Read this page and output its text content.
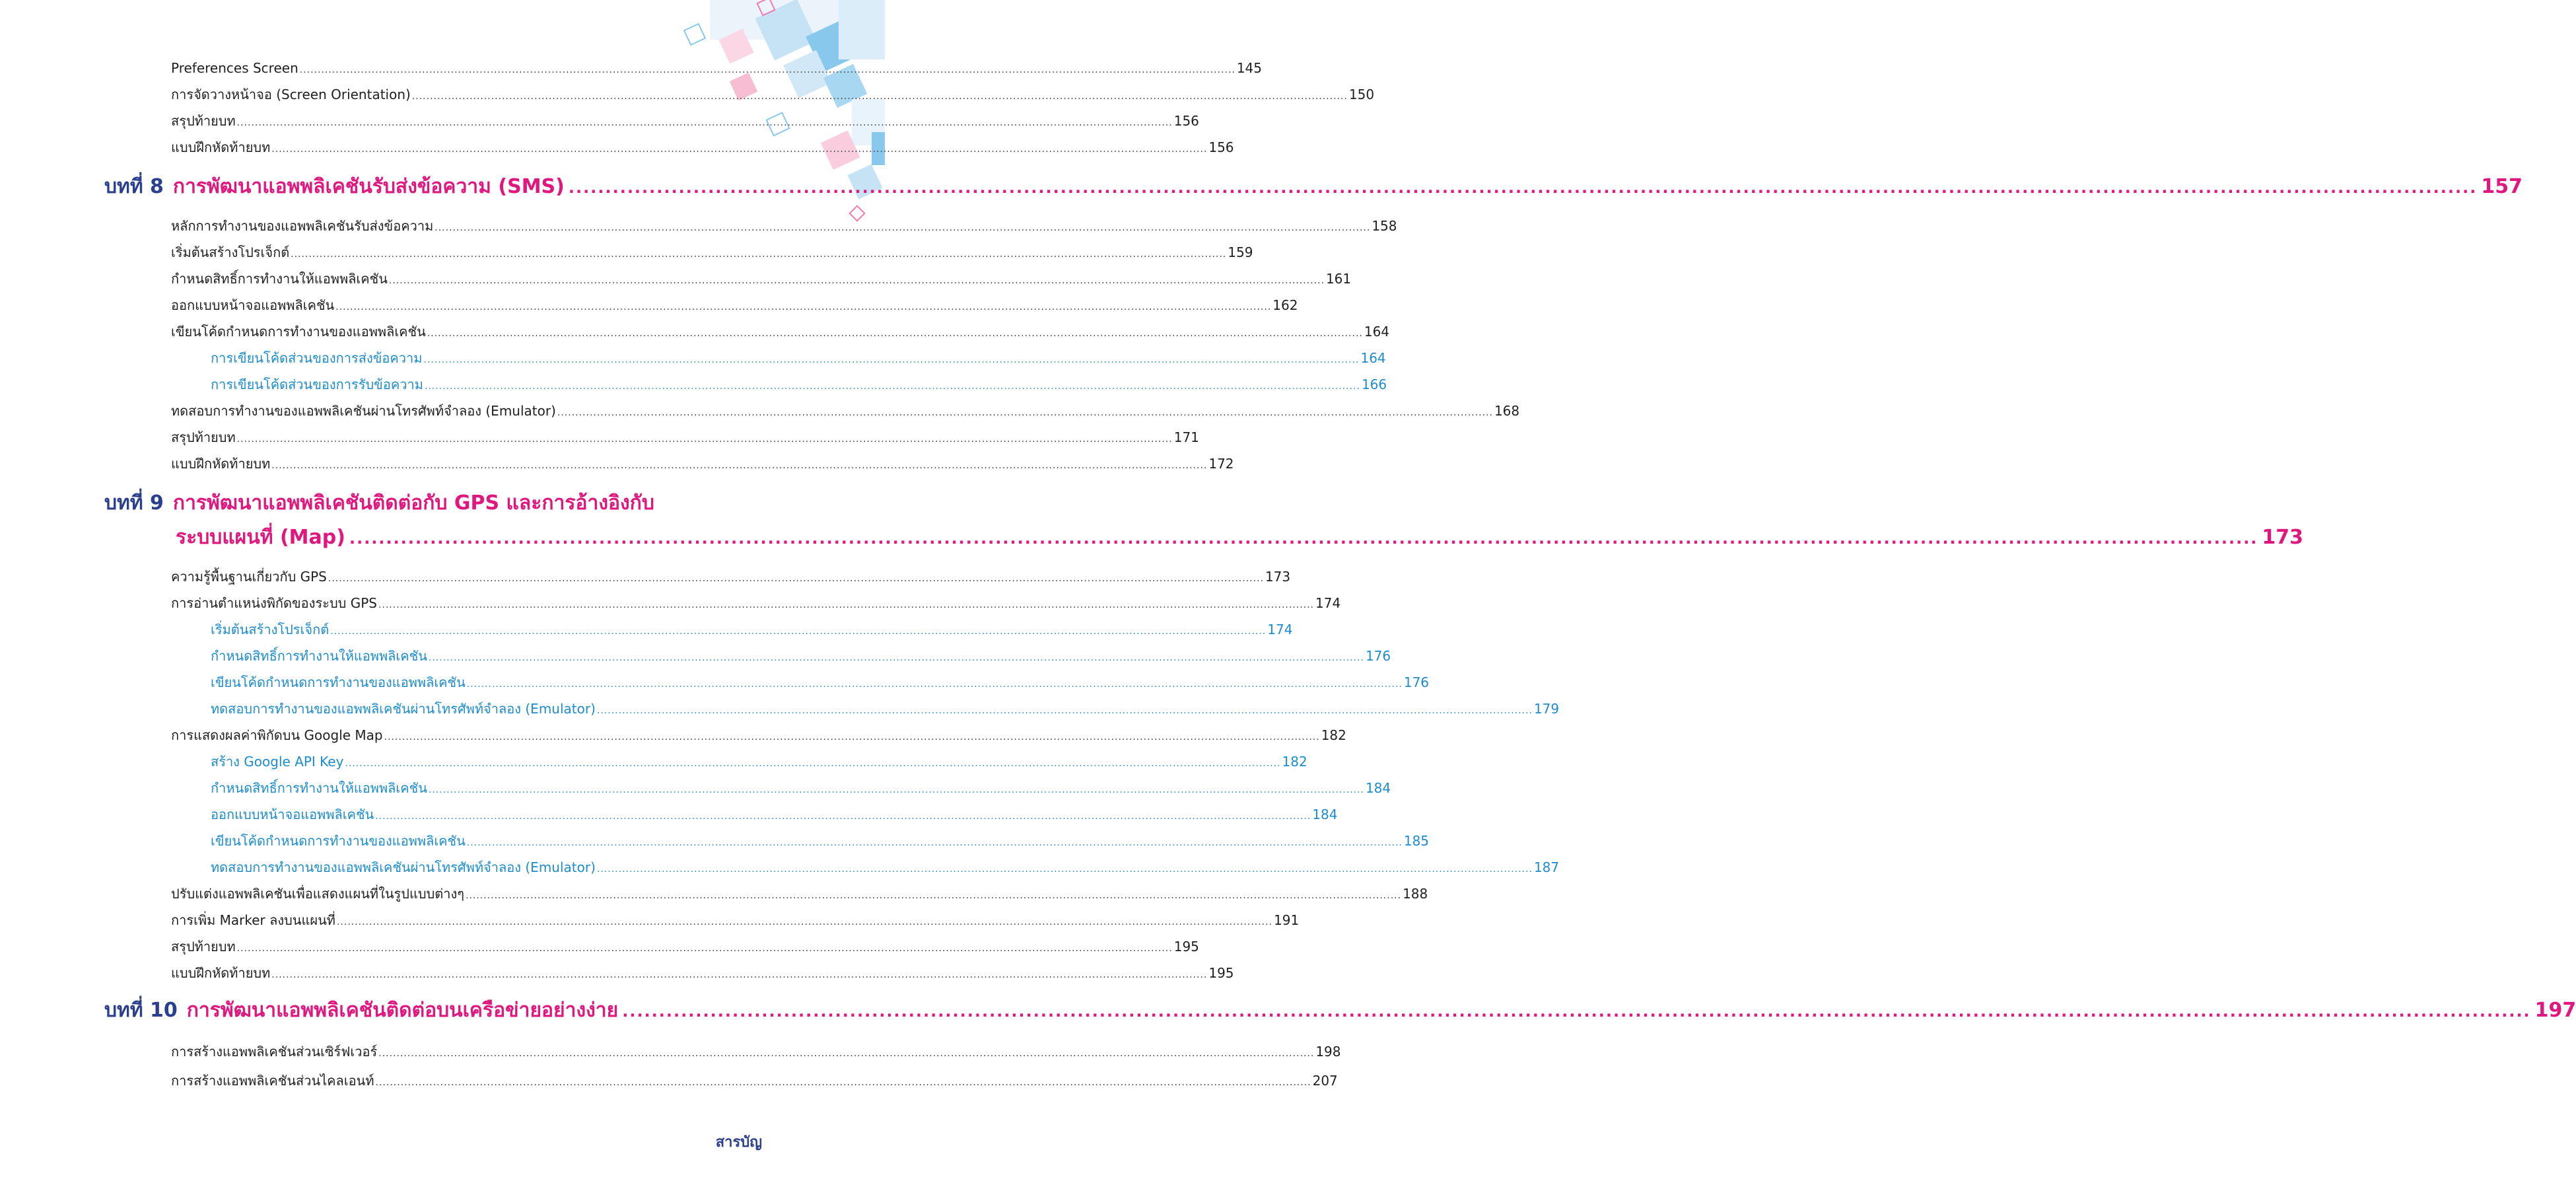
Preferences Screen .................................................................................................................................................................................................................................................................... 145
การจัดวางหน้าจอ (Screen Orientation) .................................................................................................................................................................................................................................................................... 150
สรุปท้ายบท .................................................................................................................................................................................................................................................................... 156
แบบฝึกหัดท้ายบท .................................................................................................................................................................................................................................................................... 156
บทที่ 8 การพัฒนาแอพพลิเคชันรับส่งข้อความ (SMS) .................................................................................................................................................................................................................................................................... 157
หลักการทำงานของแอพพลิเคชันรับส่งข้อความ .................................................................................................................................................................................................................................................................... 158
เริ่มต้นสร้างโปรเจ็กต์ .................................................................................................................................................................................................................................................................... 159
กำหนดสิทธิ์การทำงานให้แอพพลิเคชัน .................................................................................................................................................................................................................................................................... 161
ออกแบบหน้าจอแอพพลิเคชัน .................................................................................................................................................................................................................................................................... 162
เขียนโค้ดกำหนดการทำงานของแอพพลิเคชัน .................................................................................................................................................................................................................................................................... 164
การเขียนโค้ดส่วนของการส่งข้อความ .................................................................................................................................................................................................................................................................... 164
การเขียนโค้ดส่วนของการรับข้อความ .................................................................................................................................................................................................................................................................... 166
ทดสอบการทำงานของแอพพลิเคชันผ่านโทรศัพท์จำลอง (Emulator) .................................................................................................................................................................................................................................................................... 168
สรุปท้ายบท .................................................................................................................................................................................................................................................................... 171
แบบฝึกหัดท้ายบท .................................................................................................................................................................................................................................................................... 172
บทที่ 9 การพัฒนาแอพพลิเคชันติดต่อกับ GPS และการอ้างอิงกับ
ระบบแผนที่ (Map) .................................................................................................................................................................................................................................................................... 173
ความรู้พื้นฐานเกี่ยวกับ GPS .................................................................................................................................................................................................................................................................... 173
การอ่านตำแหน่งพิกัดของระบบ GPS .................................................................................................................................................................................................................................................................... 174
เริ่มต้นสร้างโปรเจ็กต์ .................................................................................................................................................................................................................................................................... 174
กำหนดสิทธิ์การทำงานให้แอพพลิเคชัน .................................................................................................................................................................................................................................................................... 176
เขียนโค้ดกำหนดการทำงานของแอพพลิเคชัน .................................................................................................................................................................................................................................................................... 176
ทดสอบการทำงานของแอพพลิเคชันผ่านโทรศัพท์จำลอง (Emulator) .................................................................................................................................................................................................................................................................... 179
การแสดงผลค่าพิกัดบน Google Map .................................................................................................................................................................................................................................................................... 182
สร้าง Google API Key .................................................................................................................................................................................................................................................................... 182
กำหนดสิทธิ์การทำงานให้แอพพลิเคชัน .................................................................................................................................................................................................................................................................... 184
ออกแบบหน้าจอแอพพลิเคชัน .................................................................................................................................................................................................................................................................... 184
เขียนโค้ดกำหนดการทำงานของแอพพลิเคชัน .................................................................................................................................................................................................................................................................... 185
ทดสอบการทำงานของแอพพลิเคชันผ่านโทรศัพท์จำลอง (Emulator) .................................................................................................................................................................................................................................................................... 187
ปรับแต่งแอพพลิเคชันเพื่อแสดงแผนที่ในรูปแบบต่างๆ .................................................................................................................................................................................................................................................................... 188
การเพิ่ม Marker ลงบนแผนที่ .................................................................................................................................................................................................................................................................... 191
สรุปท้ายบท .................................................................................................................................................................................................................................................................... 195
แบบฝึกหัดท้ายบท .................................................................................................................................................................................................................................................................... 195
บทที่ 10 การพัฒนาแอพพลิเคชันติดต่อบนเครือข่ายอย่างง่าย .................................................................................................................................................................................................................................................................... 197
การสร้างแอพพลิเคชันส่วนเซิร์ฟเวอร์ .................................................................................................................................................................................................................................................................... 198
การสร้างแอพพลิเคชันส่วนไคลเอนท์ .................................................................................................................................................................................................................................................................... 207
สารบัญ
